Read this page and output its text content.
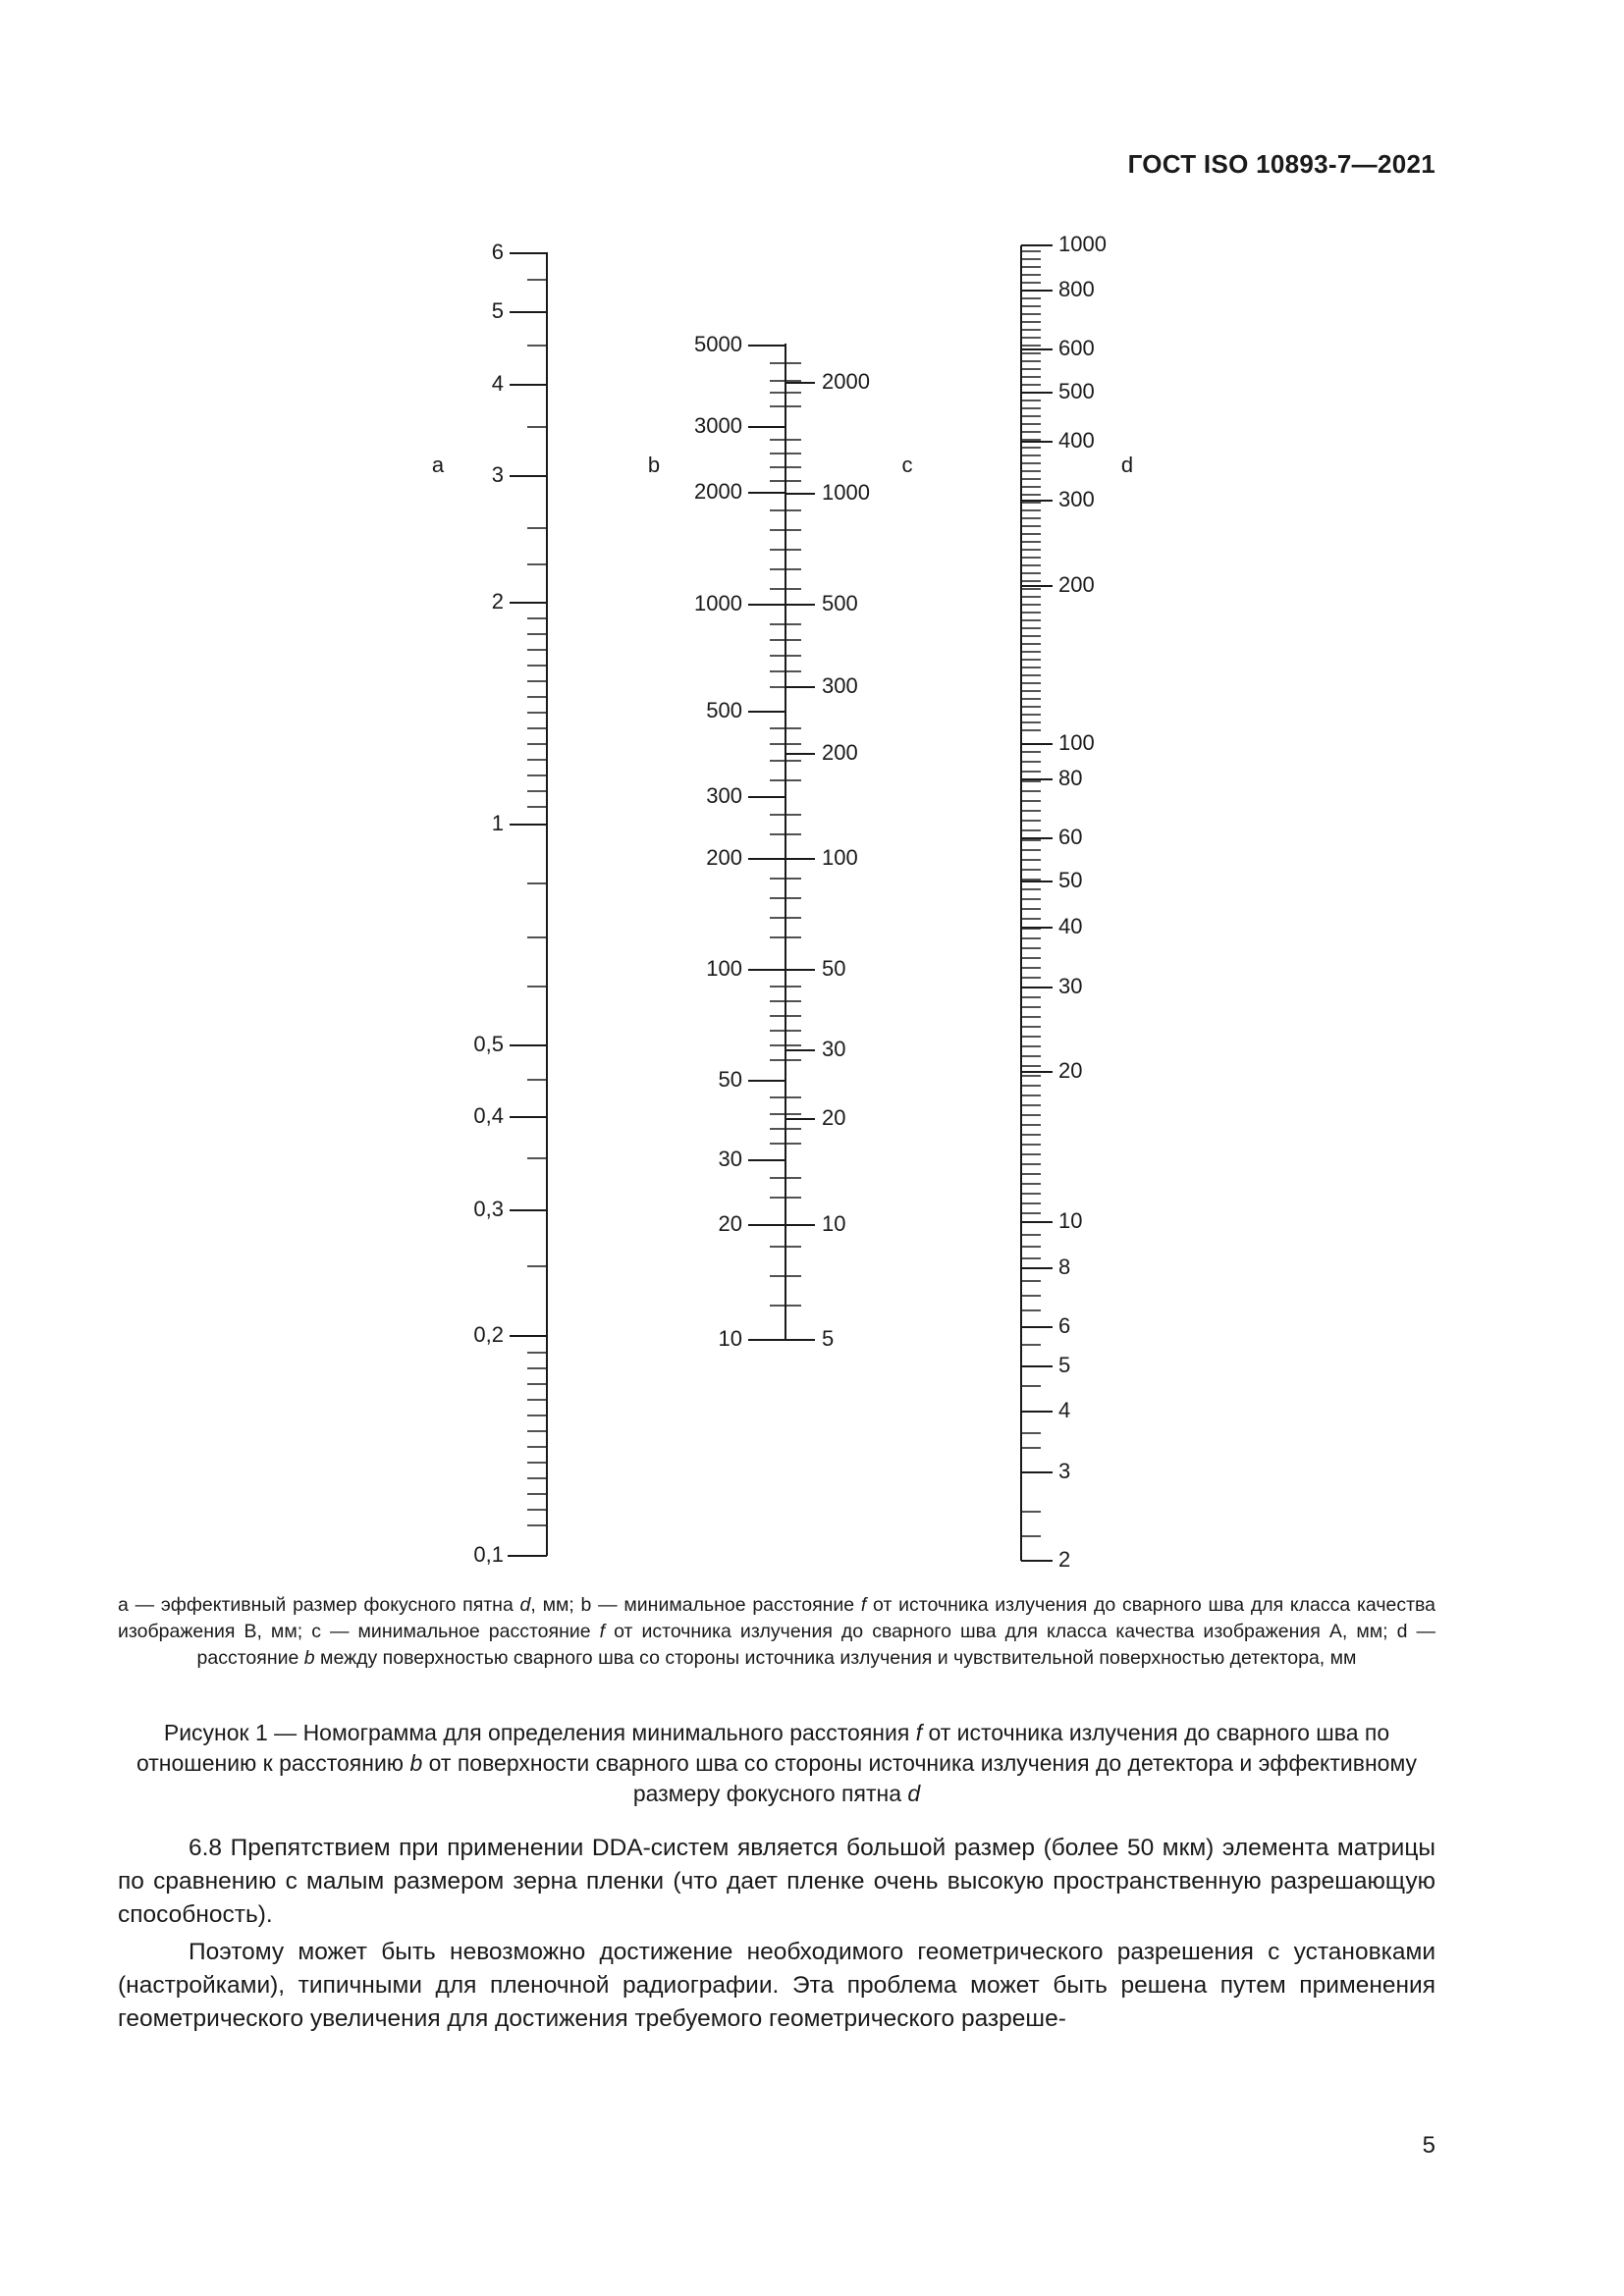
ГОСТ ISO 10893-7—2021
6
5
4
3
2
1
0,5
0,4
0,3
0,2
0,1
5000
3000
2000
1000
500
300
200
100
50
30
20
10
2000
1000
500
300
200
100
50
30
20
10
5
1000
800
600
500
400
300
200
100
80
60
50
40
30
20
10
8
6
5
4
3
2
a	b	c	d
a — эффективный размер фокусного пятна d, мм; b — минимальное расстояние f от источника излучения до сварного шва для класса качества изображения B, мм; c — минимальное расстояние f от источника излучения до сварного шва для класса качества изображения A, мм; d — расстояние b между поверхностью сварного шва со стороны источника излучения и чувствительной поверхностью детектора, мм
Рисунок 1 — Номограмма для определения минимального расстояния f от источника излучения до сварного шва по отношению к расстоянию b от поверхности сварного шва со стороны источника излучения до детектора и эффективному размеру фокусного пятна d
6.8 Препятствием при применении DDA-систем является большой размер (более 50 мкм) элемента матрицы по сравнению с малым размером зерна пленки (что дает пленке очень высокую пространственную разрешающую способность).
Поэтому может быть невозможно достижение необходимого геометрического разрешения с установками (настройками), типичными для пленочной радиографии. Эта проблема может быть решена путем применения геометрического увеличения для достижения требуемого геометрического разреше-
5
